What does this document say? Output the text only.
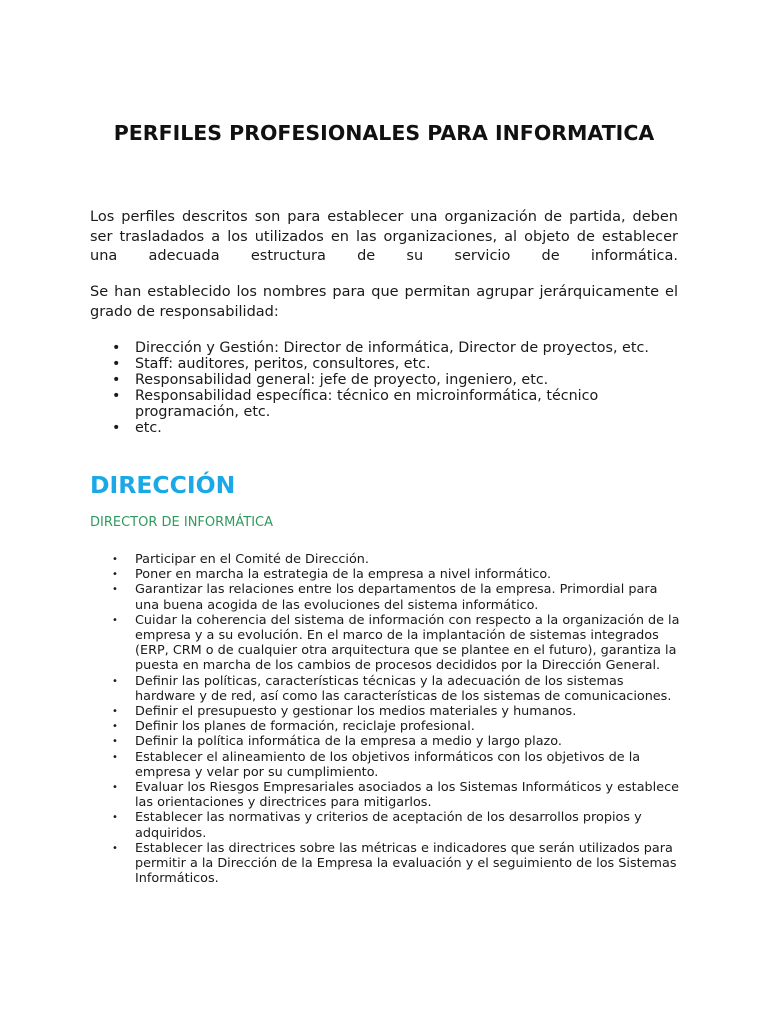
PERFILES PROFESIONALES PARA INFORMATICA

Los perfiles descritos son para establecer una organización de partida, deben ser trasladados a los utilizados en las organizaciones, al objeto de establecer una adecuada estructura de su servicio de informática.

Se han establecido los nombres para que permitan agrupar jerárquicamente el grado de responsabilidad:

• Dirección y Gestión: Director de informática, Director de proyectos, etc.
• Staff: auditores, peritos, consultores, etc.
• Responsabilidad general: jefe de proyecto, ingeniero, etc.
• Responsabilidad específica: técnico en microinformática, técnico programación, etc.
• etc.
DIRECCIÓN
DIRECTOR DE INFORMÁTICA
• Participar en el Comité de Dirección.
• Poner en marcha la estrategia de la empresa a nivel informático.
• Garantizar las relaciones entre los departamentos de la empresa. Primordial para una buena acogida de las evoluciones del sistema informático.
• Cuidar la coherencia del sistema de información con respecto a la organización de la empresa y a su evolución. En el marco de la implantación de sistemas integrados (ERP, CRM o de cualquier otra arquitectura que se plantee en el futuro), garantiza la puesta en marcha de los cambios de procesos decididos por la Dirección General.
• Definir las políticas, características técnicas y la adecuación de los sistemas hardware y de red, así como las características de los sistemas de comunicaciones.
• Definir el presupuesto y gestionar los medios materiales y humanos.
• Definir los planes de formación, reciclaje profesional.
• Definir la política informática de la empresa a medio y largo plazo.
• Establecer el alineamiento de los objetivos informáticos con los objetivos de la empresa y velar por su cumplimiento.
• Evaluar los Riesgos Empresariales asociados a los Sistemas Informáticos y establece las orientaciones y directrices para mitigarlos.
• Establecer las normativas y criterios de aceptación de los desarrollos propios y adquiridos.
• Establecer las directrices sobre las métricas e indicadores que serán utilizados para permitir a la Dirección de la Empresa la evaluación y el seguimiento de los Sistemas Informáticos.
